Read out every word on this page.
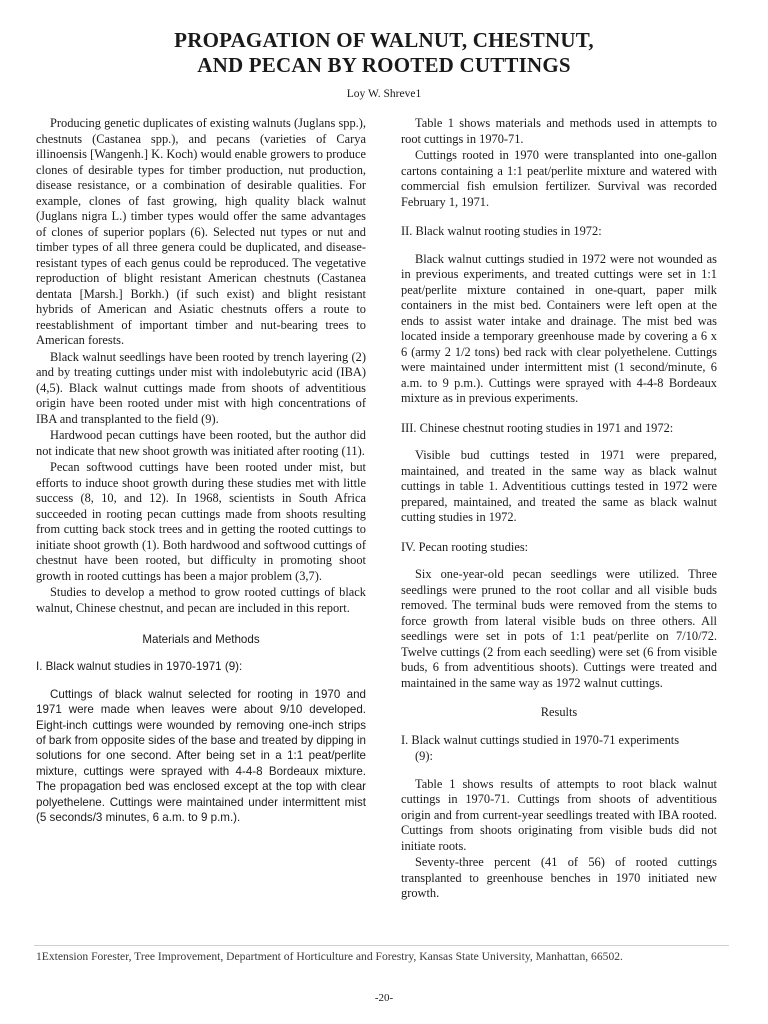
PROPAGATION OF WALNUT, CHESTNUT,
AND PECAN BY ROOTED CUTTINGS
Loy W. Shreve1

Producing genetic duplicates of existing walnuts (Juglans spp.), chestnuts (Castanea spp.), and pecans (varieties of Carya illinoensis [Wangenh.] K. Koch) would enable growers to produce clones of desirable types for timber production, nut production, disease resistance, or a combination of desirable qualities. For example, clones of fast growing, high quality black walnut (Juglans nigra L.) timber types would offer the same advantages of clones of superior poplars (6). Selected nut types or nut and timber types of all three genera could be duplicated, and disease-resistant types of each genus could be reproduced. The vegetative reproduction of blight resistant American chestnuts (Castanea dentata [Marsh.] Borkh.) (if such exist) and blight resistant hybrids of American and Asiatic chestnuts offers a route to reestablishment of important timber and nut-bearing trees to American forests.

Black walnut seedlings have been rooted by trench layering (2) and by treating cuttings under mist with indolebutyric acid (IBA) (4,5). Black walnut cuttings made from shoots of adventitious origin have been rooted under mist with high concentrations of IBA and transplanted to the field (9).

Hardwood pecan cuttings have been rooted, but the author did not indicate that new shoot growth was initiated after rooting (11).

Pecan softwood cuttings have been rooted under mist, but efforts to induce shoot growth during these studies met with little success (8, 10, and 12). In 1968, scientists in South Africa succeeded in rooting pecan cuttings made from shoots resulting from cutting back stock trees and in getting the rooted cuttings to initiate shoot growth (1). Both hardwood and softwood cuttings of chestnut have been rooted, but difficulty in promoting shoot growth in rooted cuttings has been a major problem (3,7).

Studies to develop a method to grow rooted cuttings of black walnut, Chinese chestnut, and pecan are included in this report.

Materials and Methods

I. Black walnut studies in 1970-1971 (9):

Cuttings of black walnut selected for rooting in 1970 and 1971 were made when leaves were about 9/10 developed. Eight-inch cuttings were wounded by removing one-inch strips of bark from opposite sides of the base and treated by dipping in solutions for one second. After being set in a 1:1 peat/perlite mixture, cuttings were sprayed with 4-4-8 Bordeaux mixture. The propagation bed was enclosed except at the top with clear polyethelene. Cuttings were maintained under intermittent mist (5 seconds/3 minutes, 6 a.m. to 9 p.m.).

Table 1 shows materials and methods used in attempts to root cuttings in 1970-71.

Cuttings rooted in 1970 were transplanted into one-gallon cartons containing a 1:1 peat/perlite mixture and watered with commercial fish emulsion fertilizer. Survival was recorded February 1, 1971.

II. Black walnut rooting studies in 1972:

Black walnut cuttings studied in 1972 were not wounded as in previous experiments, and treated cuttings were set in 1:1 peat/perlite mixture contained in one-quart, paper milk containers in the mist bed. Containers were left open at the ends to assist water intake and drainage. The mist bed was located inside a temporary greenhouse made by covering a 6 x 6 (army 2 1/2 tons) bed rack with clear polyethelene. Cuttings were maintained under intermittent mist (1 second/minute, 6 a.m. to 9 p.m.). Cuttings were sprayed with 4-4-8 Bordeaux mixture as in previous experiments.

III. Chinese chestnut rooting studies in 1971 and 1972:

Visible bud cuttings tested in 1971 were prepared, maintained, and treated in the same way as black walnut cuttings in table 1. Adventitious cuttings tested in 1972 were prepared, maintained, and treated the same as black walnut cutting studies in 1972.

IV. Pecan rooting studies:

Six one-year-old pecan seedlings were utilized. Three seedlings were pruned to the root collar and all visible buds removed. The terminal buds were removed from the stems to force growth from lateral visible buds on three others. All seedlings were set in pots of 1:1 peat/perlite on 7/10/72. Twelve cuttings (2 from each seedling) were set (6 from visible buds, 6 from adventitious shoots). Cuttings were treated and maintained in the same way as 1972 walnut cuttings.

Results

I. Black walnut cuttings studied in 1970-71 experiments

(9):

Table 1 shows results of attempts to root black walnut cuttings in 1970-71. Cuttings from shoots of adventitious origin and from current-year seedlings treated with IBA rooted. Cuttings from shoots originating from visible buds did not initiate roots.

Seventy-three percent (41 of 56) of rooted cuttings transplanted to greenhouse benches in 1970 initiated new growth.

1Extension Forester, Tree Improvement, Department of Horticulture and Forestry, Kansas State University, Manhattan, 66502.
-20-
